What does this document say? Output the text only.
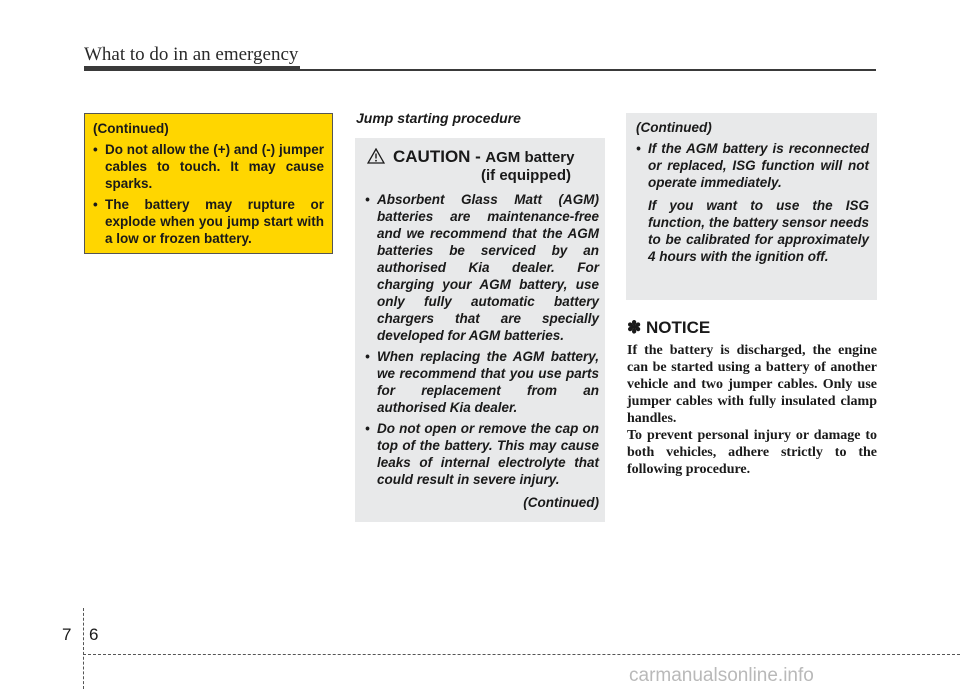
What to do in an emergency

(Continued)

• Do not allow the (+) and (-) jumper cables to touch. It may cause sparks.

• The battery may rupture or explode when you jump start with a low or frozen battery.

Jump starting procedure
CAUTION - AGM battery
(if equipped)

• Absorbent Glass Matt (AGM) batteries are maintenance-free and we recommend that the AGM batteries be serviced by an authorised Kia dealer. For charging your AGM battery, use only fully automatic battery chargers that are specially developed for AGM batteries.

• When replacing the AGM battery, we recommend that you use parts for replacement from an authorised Kia dealer.

• Do not open or remove the cap on top of the battery. This may cause leaks of internal electrolyte that could result in severe injury.

(Continued)

(Continued)

• If the AGM battery is reconnected or replaced, ISG function will not operate immediately.

If you want to use the ISG function, the battery sensor needs to be calibrated for approximately 4 hours with the ignition off.

✽ NOTICE

If the battery is discharged, the engine can be started using a battery of another vehicle and two jumper cables. Only use jumper cables with fully insulated clamp handles.

To prevent personal injury or damage to both vehicles, adhere strictly to the following procedure.

7 6
carmanualsonline.info
